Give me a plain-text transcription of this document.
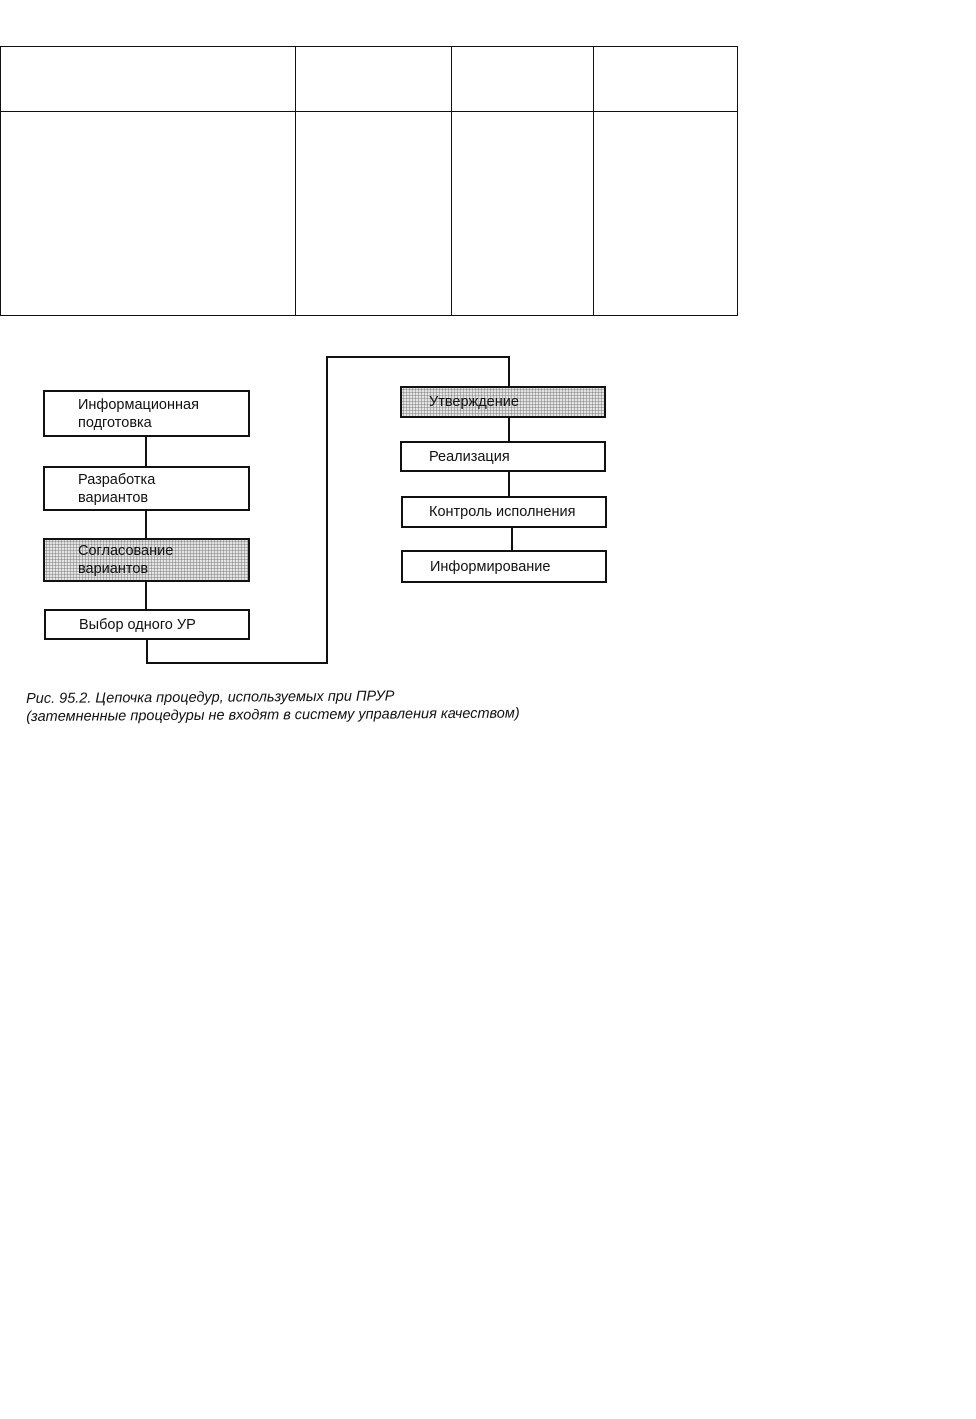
Информационная
подготовка
Разработка
вариантов
Согласование
вариантов
Выбор одного УР
Утверждение
Реализация
Контроль исполнения
Информирование
Рис. 95.2. Цепочка процедур, используемых при ПРУР
(затемненные процедуры не входят в систему управления качеством)
